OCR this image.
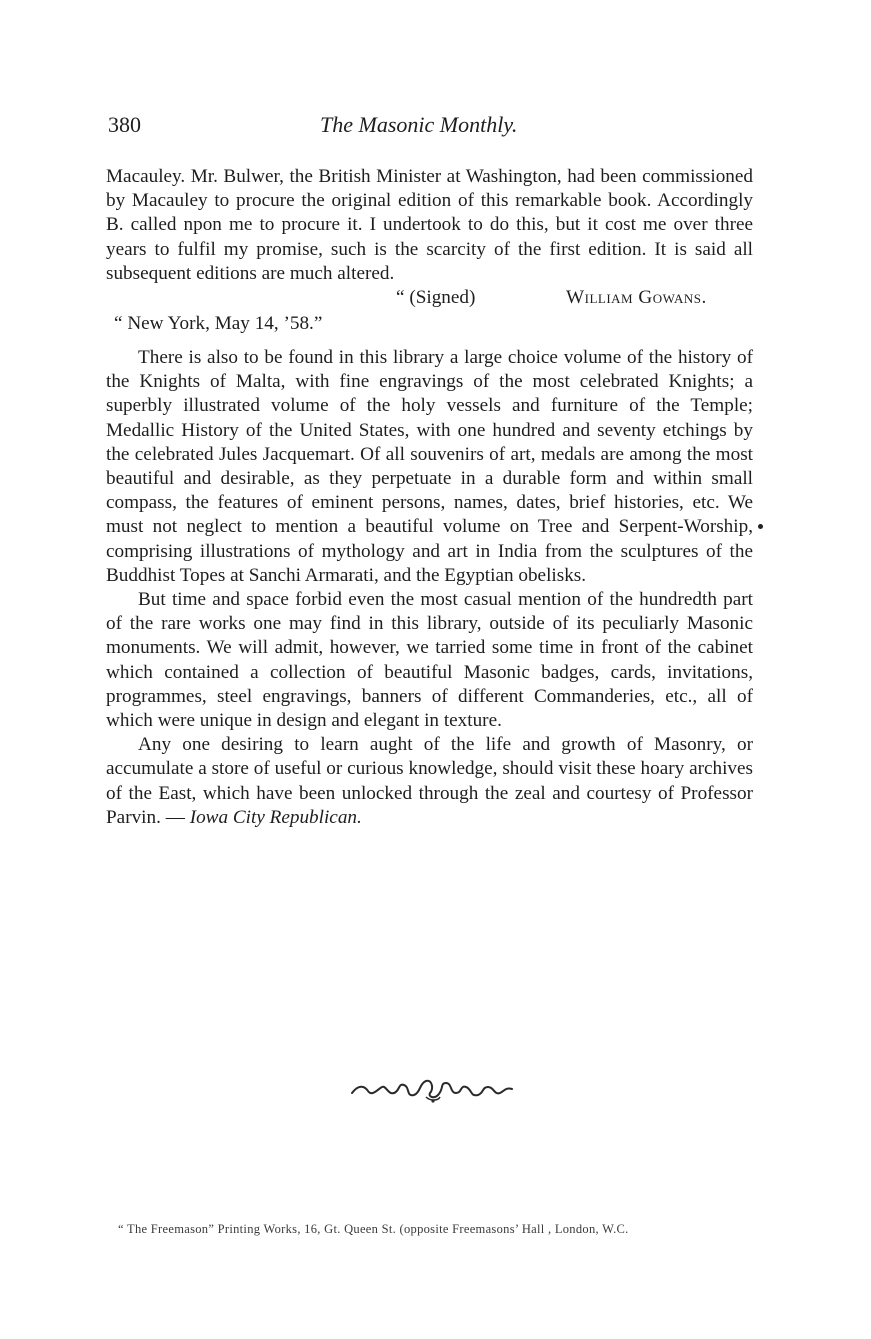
380	The Masonic Monthly.

Macauley. Mr. Bulwer, the British Minister at Washington, had been commissioned by Macauley to procure the original edition of this remarkable book. Accordingly B. called npon me to procure it. I undertook to do this, but it cost me over three years to fulfil my promise, such is the scarcity of the first edition. It is said all subsequent editions are much altered.

“ (Signed)	William Gowans.
“ New York, May 14, ’58.”

There is also to be found in this library a large choice volume of the history of the Knights of Malta, with fine engravings of the most celebrated Knights; a superbly illustrated volume of the holy vessels and furniture of the Temple; Medallic History of the United States, with one hundred and seventy etchings by the celebrated Jules Jacquemart. Of all souvenirs of art, medals are among the most beautiful and desirable, as they perpetuate in a durable form and within small compass, the features of eminent persons, names, dates, brief histories, etc. We must not neglect to mention a beautiful volume on Tree and Serpent-Worship, comprising illustrations of mythology and art in India from the sculptures of the Buddhist Topes at Sanchi Armarati, and the Egyptian obelisks.

But time and space forbid even the most casual mention of the hundredth part of the rare works one may find in this library, outside of its peculiarly Masonic monuments. We will admit, however, we tarried some time in front of the cabinet which contained a collection of beautiful Masonic badges, cards, invitations, programmes, steel engravings, banners of different Commanderies, etc., all of which were unique in design and elegant in texture.

Any one desiring to learn aught of the life and growth of Masonry, or accumulate a store of useful or curious knowledge, should visit these hoary archives of the East, which have been unlocked through the zeal and courtesy of Professor Parvin. — Iowa City Republican.

“ The Freemason” Printing Works, 16, Gt. Queen St. (opposite Freemasons’ Hall , London, W.C.
